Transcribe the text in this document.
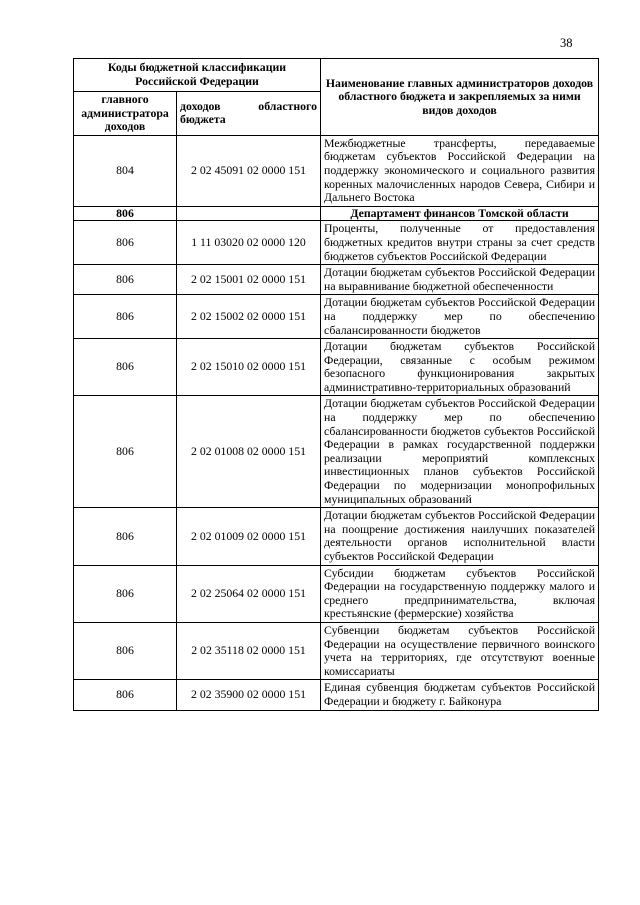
38
Коды бюджетной классификации Российской Федерации		Наименование главных администраторов доходов областного бюджета и закрепляемых за ними видов доходов
главного администратора доходов	доходов областного бюджета	
804	2 02 45091 02 0000 151	Межбюджетные трансферты, передаваемые бюджетам субъектов Российской Федерации на поддержку экономического и социального развития коренных малочисленных народов Севера, Сибири и Дальнего Востока
806		Департамент финансов Томской области
806	1 11 03020 02 0000 120	Проценты, полученные от предоставления бюджетных кредитов внутри страны за счет средств бюджетов субъектов Российской Федерации
806	2 02 15001 02 0000 151	Дотации бюджетам субъектов Российской Федерации на выравнивание бюджетной обеспеченности
806	2 02 15002 02 0000 151	Дотации бюджетам субъектов Российской Федерации на поддержку мер по обеспечению сбалансированности бюджетов
806	2 02 15010 02 0000 151	Дотации бюджетам субъектов Российской Федерации, связанные с особым режимом безопасного функционирования закрытых административно-территориальных образований
806	2 02 01008 02 0000 151	Дотации бюджетам субъектов Российской Федерации на поддержку мер по обеспечению сбалансированности бюджетов субъектов Российской Федерации в рамках государственной поддержки реализации мероприятий комплексных инвестиционных планов субъектов Российской Федерации по модернизации монопрофильных муниципальных образований
806	2 02 01009 02 0000 151	Дотации бюджетам субъектов Российской Федерации на поощрение достижения наилучших показателей деятельности органов исполнительной власти субъектов Российской Федерации
806	2 02 25064 02 0000 151	Субсидии бюджетам субъектов Российской Федерации на государственную поддержку малого и среднего предпринимательства, включая крестьянские (фермерские) хозяйства
806	2 02 35118 02 0000 151	Субвенции бюджетам субъектов Российской Федерации на осуществление первичного воинского учета на территориях, где отсутствуют военные комиссариаты
806	2 02 35900 02 0000 151	Единая субвенция бюджетам субъектов Российской Федерации и бюджету г. Байконура
